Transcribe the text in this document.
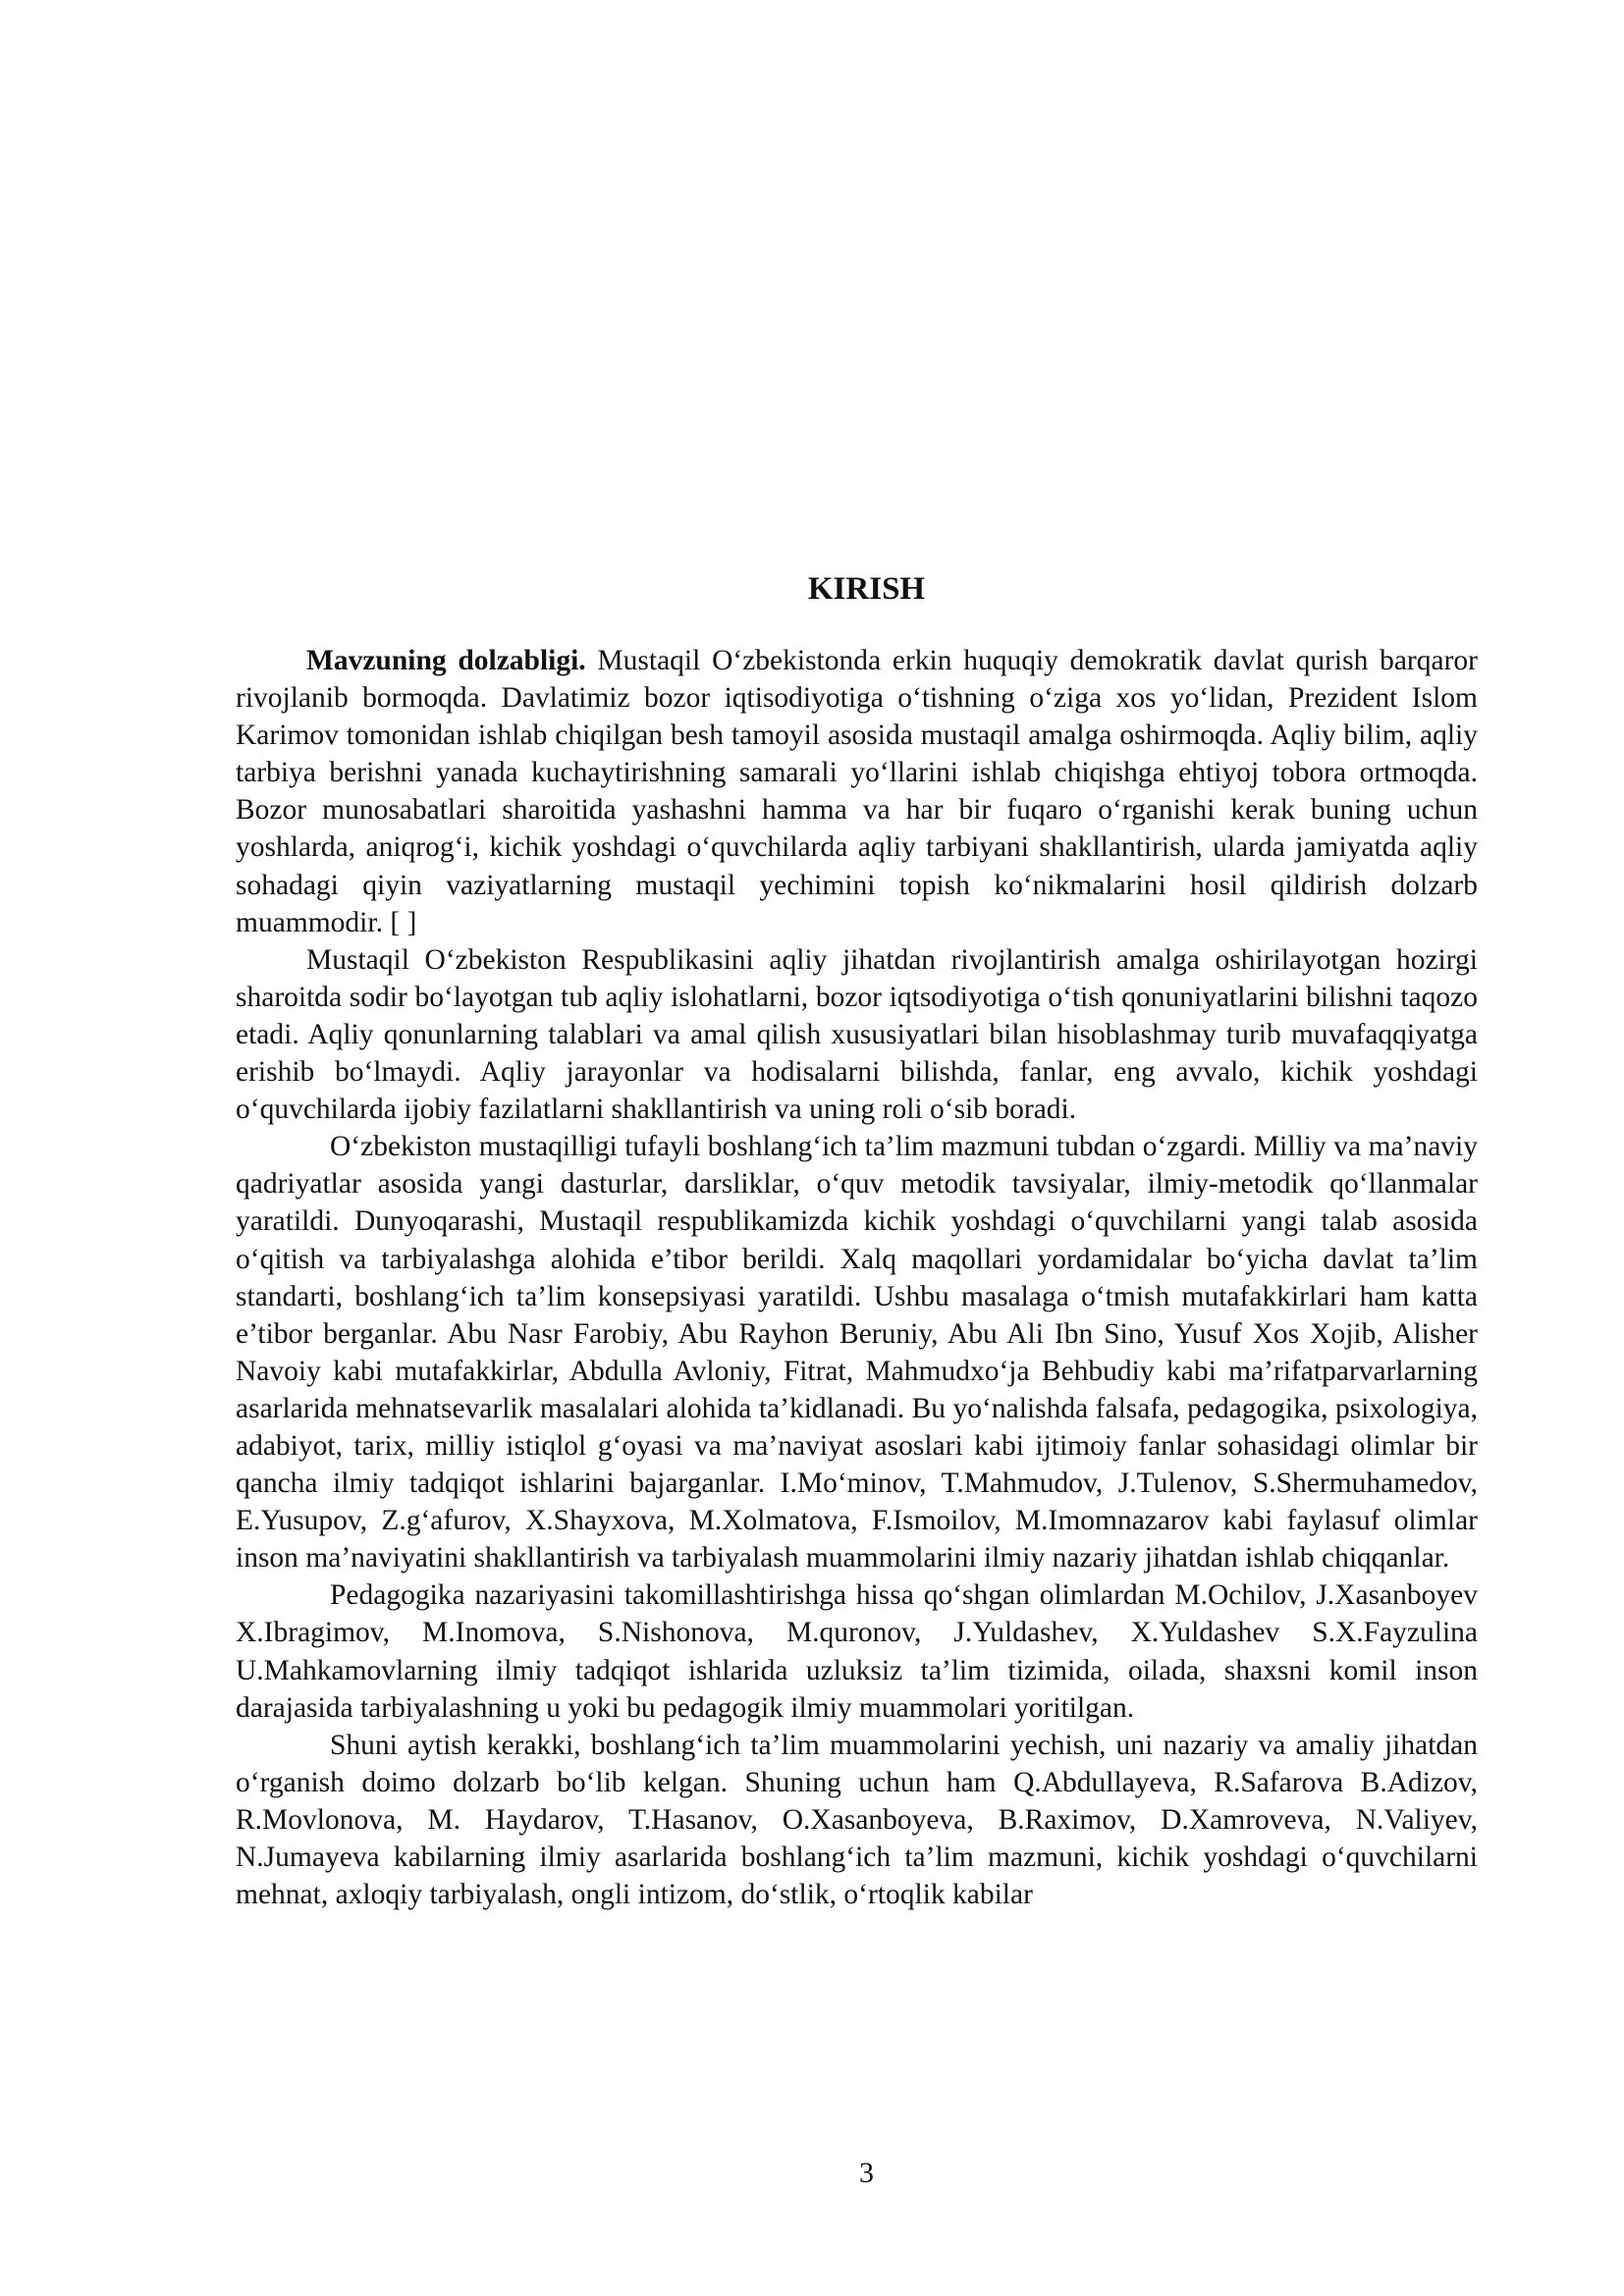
KIRISH

Mavzuning dolzabligi. Mustaqil O‘zbekistonda erkin huquqiy demokratik davlat qurish barqaror rivojlanib bormoqda. Davlatimiz bozor iqtisodiyotiga o‘tishning o‘ziga xos yo‘lidan, Prezident Islom Karimov tomonidan ishlab chiqilgan besh tamoyil asosida mustaqil amalga oshirmoqda. Aqliy bilim, aqliy tarbiya berishni yanada kuchaytirishning samarali yo‘llarini ishlab chiqishga ehtiyoj tobora ortmoqda. Bozor munosabatlari sharoitida yashashni hamma va har bir fuqaro o‘rganishi kerak buning uchun yoshlarda, aniqrog‘i, kichik yoshdagi o‘quvchilarda aqliy tarbiyani shakllantirish, ularda jamiyatda aqliy sohadagi qiyin vaziyatlarning mustaqil yechimini topish ko‘nikmalarini hosil qildirish dolzarb muammodir. [ ]

Mustaqil O‘zbekiston Respublikasini aqliy jihatdan rivojlantirish amalga oshirilayotgan hozirgi sharoitda sodir bo‘layotgan tub aqliy islohatlarni, bozor iqtsodiyotiga o‘tish qonuniyatlarini bilishni taqozo etadi. Aqliy qonunlarning talablari va amal qilish xususiyatlari bilan hisoblashmay turib muvafaqqiyatga erishib bo‘lmaydi. Aqliy jarayonlar va hodisalarni bilishda, fanlar, eng avvalo, kichik yoshdagi o‘quvchilarda ijobiy fazilatlarni shakllantirish va uning roli o‘sib boradi.

O‘zbekiston mustaqilligi tufayli boshlang‘ich ta’lim mazmuni tubdan o‘zgardi. Milliy va ma’naviy qadriyatlar asosida yangi dasturlar, darsliklar, o‘quv metodik tavsiyalar, ilmiy-metodik qo‘llanmalar yaratildi. Dunyoqarashi, Mustaqil respublikamizda kichik yoshdagi o‘quvchilarni yangi talab asosida o‘qitish va tarbiyalashga alohida e’tibor berildi. Xalq maqollari yordamidalar bo‘yicha davlat ta’lim standarti, boshlang‘ich ta’lim konsepsiyasi yaratildi. Ushbu masalaga o‘tmish mutafakkirlari ham katta e’tibor berganlar. Abu Nasr Farobiy, Abu Rayhon Beruniy, Abu Ali Ibn Sino, Yusuf Xos Xojib, Alisher Navoiy kabi mutafakkirlar, Abdulla Avloniy, Fitrat, Mahmudxo‘ja Behbudiy kabi ma’rifatparvarlarning asarlarida mehnatsevarlik masalalari alohida ta’kidlanadi. Bu yo‘nalishda falsafa, pedagogika, psixologiya, adabiyot, tarix, milliy istiqlol g‘oyasi va ma’naviyat asoslari kabi ijtimoiy fanlar sohasidagi olimlar bir qancha ilmiy tadqiqot ishlarini bajarganlar. I.Mo‘minov, T.Mahmudov, J.Tulenov, S.Shermuhamedov, E.Yusupov, Z.g‘afurov, X.Shayxova, M.Xolmatova, F.Ismoilov, M.Imomnazarov kabi faylasuf olimlar inson ma’naviyatini shakllantirish va tarbiyalash muammolarini ilmiy nazariy jihatdan ishlab chiqqanlar.

Pedagogika nazariyasini takomillashtirishga hissa qo‘shgan olimlardan M.Ochilov, J.Xasanboyev X.Ibragimov, M.Inomova, S.Nishonova, M.quronov, J.Yuldashev, X.Yuldashev S.X.Fayzulina U.Mahkamovlarning ilmiy tadqiqot ishlarida uzluksiz ta’lim tizimida, oilada, shaxsni komil inson darajasida tarbiyalashning u yoki bu pedagogik ilmiy muammolari yoritilgan.

Shuni aytish kerakki, boshlang‘ich ta’lim muammolarini yechish, uni nazariy va amaliy jihatdan o‘rganish doimo dolzarb bo‘lib kelgan. Shuning uchun ham Q.Abdullayeva, R.Safarova B.Adizov, R.Movlonova, M. Haydarov, T.Hasanov, O.Xasanboyeva, B.Raximov, D.Xamroveva, N.Valiyev, N.Jumayeva kabilarning ilmiy asarlarida boshlang‘ich ta’lim mazmuni, kichik yoshdagi o‘quvchilarni mehnat, axloqiy tarbiyalash, ongli intizom, do‘stlik, o‘rtoqlik kabilar

3
